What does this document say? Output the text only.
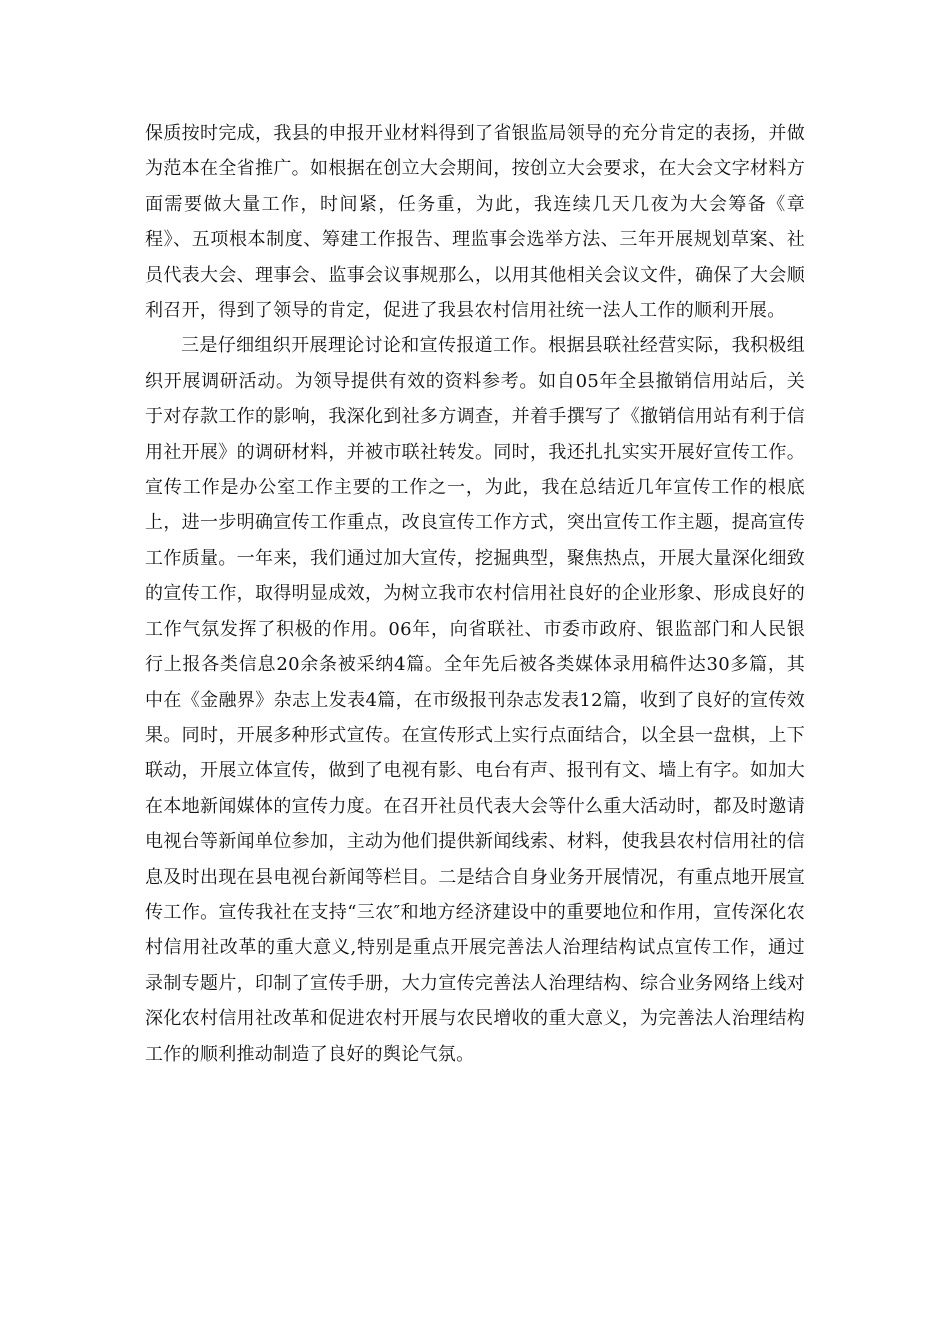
保质按时完成，我县的申报开业材料得到了省银监局领导的充分肯定的表扬，并做为范本在全省推广。如根据在创立大会期间，按创立大会要求，在大会文字材料方面需要做大量工作，时间紧，任务重，为此，我连续几天几夜为大会筹备《章程》、五项根本制度、筹建工作报告、理监事会选举方法、三年开展规划草案、社员代表大会、理事会、监事会议事规那么，以用其他相关会议文件，确保了大会顺利召开，得到了领导的肯定，促进了我县农村信用社统一法人工作的顺利开展。

三是仔细组织开展理论讨论和宣传报道工作。根据县联社经营实际，我积极组织开展调研活动。为领导提供有效的资料参考。如自05年全县撤销信用站后，关于对存款工作的影响，我深化到社多方调查，并着手撰写了《撤销信用站有利于信用社开展》的调研材料，并被市联社转发。同时，我还扎扎实实开展好宣传工作。宣传工作是办公室工作主要的工作之一，为此，我在总结近几年宣传工作的根底上，进一步明确宣传工作重点，改良宣传工作方式，突出宣传工作主题，提高宣传工作质量。一年来，我们通过加大宣传，挖掘典型，聚焦热点，开展大量深化细致的宣传工作，取得明显成效，为树立我市农村信用社良好的企业形象、形成良好的工作气氛发挥了积极的作用。06年，向省联社、市委市政府、银监部门和人民银行上报各类信息20余条被采纳4篇。全年先后被各类媒体录用稿件达30多篇，其中在《金融界》杂志上发表4篇，在市级报刊杂志发表12篇，收到了良好的宣传效果。同时，开展多种形式宣传。在宣传形式上实行点面结合，以全县一盘棋，上下联动，开展立体宣传，做到了电视有影、电台有声、报刊有文、墙上有字。如加大在本地新闻媒体的宣传力度。在召开社员代表大会等什么重大活动时，都及时邀请电视台等新闻单位参加，主动为他们提供新闻线索、材料，使我县农村信用社的信息及时出现在县电视台新闻等栏目。二是结合自身业务开展情况，有重点地开展宣传工作。宣传我社在支持“三农″和地方经济建设中的重要地位和作用，宣传深化农村信用社改革的重大意义,特别是重点开展完善法人治理结构试点宣传工作，通过录制专题片，印制了宣传手册，大力宣传完善法人治理结构、综合业务网络上线对深化农村信用社改革和促进农村开展与农民增收的重大意义，为完善法人治理结构工作的顺利推动制造了良好的舆论气氛。
